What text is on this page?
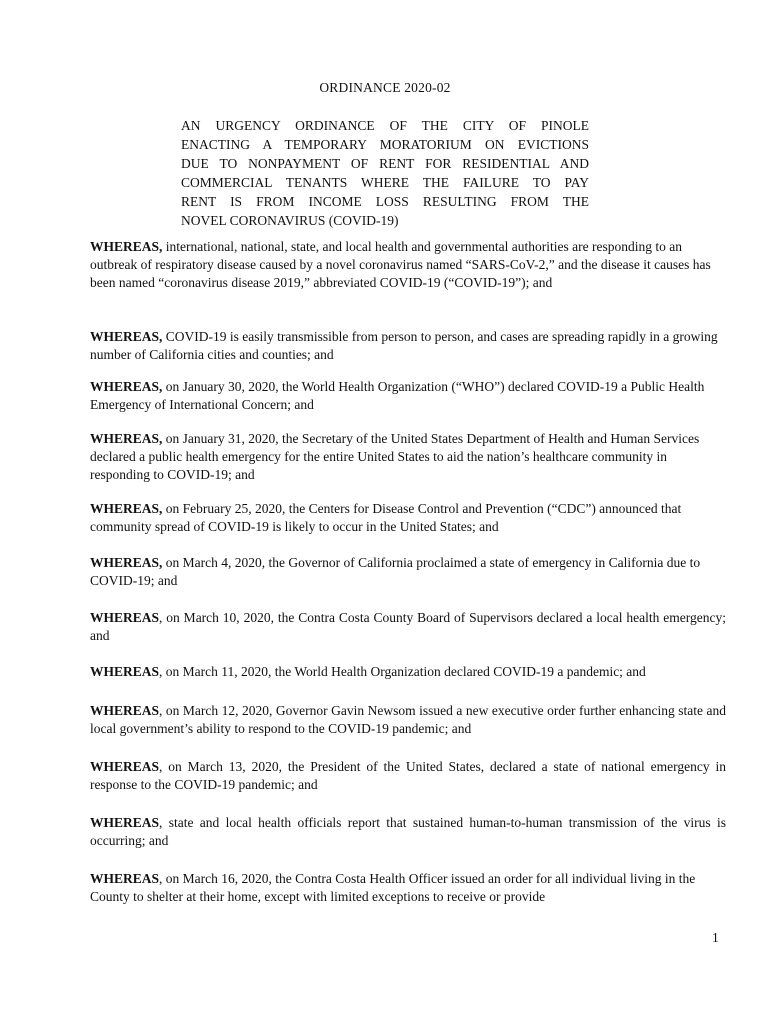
ORDINANCE 2020-02
AN URGENCY ORDINANCE OF THE CITY OF PINOLE
ENACTING A TEMPORARY MORATORIUM ON EVICTIONS
DUE TO NONPAYMENT OF RENT FOR RESIDENTIAL AND
COMMERCIAL TENANTS WHERE THE FAILURE TO PAY
RENT IS FROM INCOME LOSS RESULTING FROM THE
NOVEL CORONAVIRUS (COVID-19)

WHEREAS, international, national, state, and local health and governmental authorities are responding to an outbreak of respiratory disease caused by a novel coronavirus named “SARS-CoV-2,” and the disease it causes has been named “coronavirus disease 2019,” abbreviated COVID-19 (“COVID-19”); and

WHEREAS, COVID-19 is easily transmissible from person to person, and cases are spreading rapidly in a growing number of California cities and counties; and

WHEREAS, on January 30, 2020, the World Health Organization (“WHO”) declared COVID-19 a Public Health Emergency of International Concern; and

WHEREAS, on January 31, 2020, the Secretary of the United States Department of Health and Human Services declared a public health emergency for the entire United States to aid the nation’s healthcare community in responding to COVID-19; and

WHEREAS, on February 25, 2020, the Centers for Disease Control and Prevention (“CDC”) announced that community spread of COVID-19 is likely to occur in the United States; and

WHEREAS, on March 4, 2020, the Governor of California proclaimed a state of emergency in California due to COVID-19; and

WHEREAS, on March 10, 2020, the Contra Costa County Board of Supervisors declared a local health emergency; and

WHEREAS, on March 11, 2020, the World Health Organization declared COVID-19 a pandemic; and

WHEREAS, on March 12, 2020, Governor Gavin Newsom issued a new executive order further enhancing state and local government’s ability to respond to the COVID-19 pandemic; and

WHEREAS, on March 13, 2020, the President of the United States, declared a state of national emergency in response to the COVID-19 pandemic; and

WHEREAS, state and local health officials report that sustained human-to-human transmission of the virus is occurring; and

WHEREAS, on March 16, 2020, the Contra Costa Health Officer issued an order for all individual living in the County to shelter at their home, except with limited exceptions to receive or provide

1
